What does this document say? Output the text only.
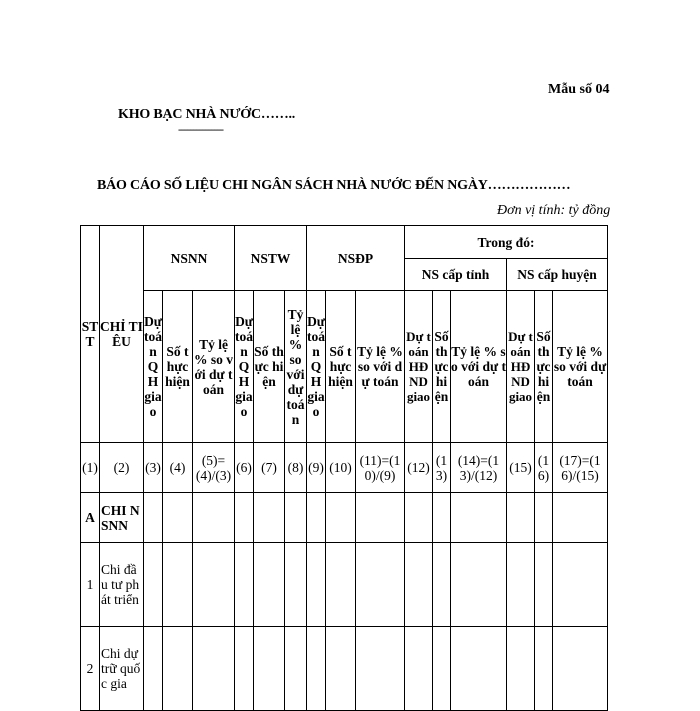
Mẫu số 04
KHO BẠC NHÀ NƯỚC……..
---------------
BÁO CÁO SỐ LIỆU CHI NGÂN SÁCH NHÀ NƯỚC ĐẾN NGÀY………………
Đơn vị tính: tỷ đồng
STT	CHỈ TIÊU	NSNN			NSTW			NSĐP			Trong đó:					
											NS cấp tỉnh			NS cấp huyện		
		Dự toán QH giao	Số thực hiện	Tỷ lệ % so với dự toán	Dự toán QH giao	Số thực hiện	Tỷ lệ % so với dự toán	Dự toán QH giao	Số thực hiện	Tỷ lệ % so với dự toán	Dự toán HĐND giao	Số thực hiện	Tỷ lệ % so với dự toán	Dự toán HĐND giao	Số thực hiện	Tỷ lệ % so với dự toán
(1)	(2)	(3)	(4)	(5)=(4)/(3)	(6)	(7)	(8)	(9)	(10)	(11)=(10)/(9)	(12)	(13)	(14)=(13)/(12)	(15)	(16)	(17)=(16)/(15)
A	CHI NSNN															
1	Chi đầu tư phát triển															
2	Chi dự trữ quốc gia															
